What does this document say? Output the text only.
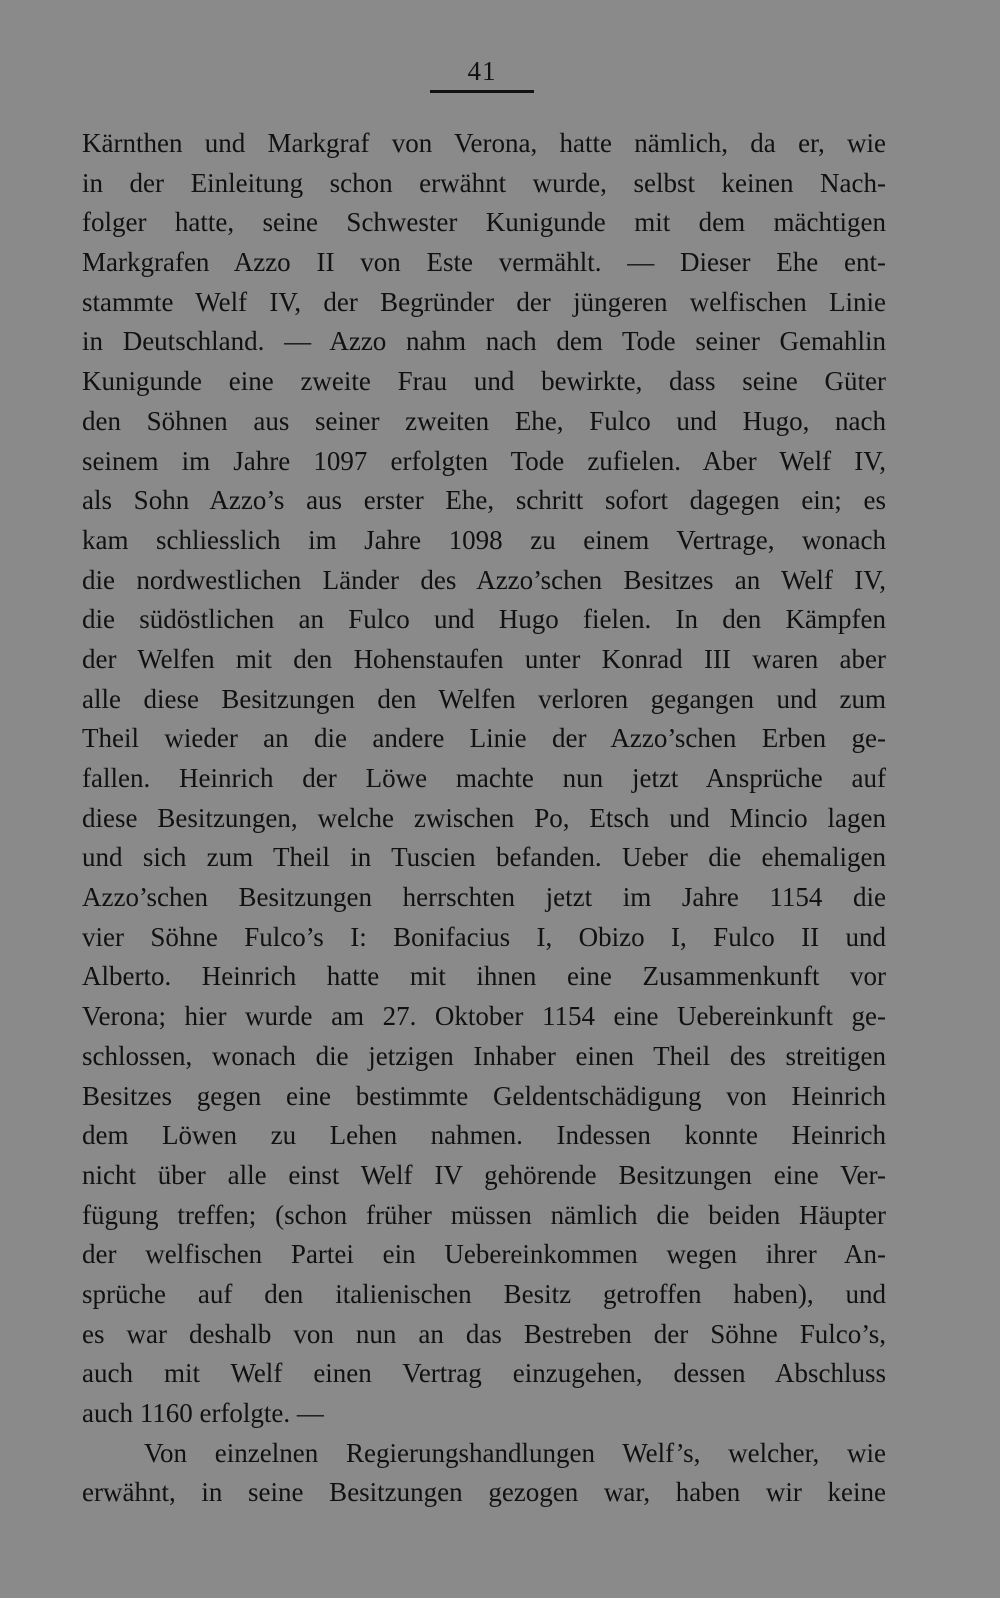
41
Kärnthen und Markgraf von Verona, hatte nämlich, da er, wie
in der Einleitung schon erwähnt wurde, selbst keinen Nach-
folger hatte, seine Schwester Kunigunde mit dem mächtigen
Markgrafen Azzo II von Este vermählt. — Dieser Ehe ent-
stammte Welf IV, der Begründer der jüngeren welfischen Linie
in Deutschland. — Azzo nahm nach dem Tode seiner Gemahlin
Kunigunde eine zweite Frau und bewirkte, dass seine Güter
den Söhnen aus seiner zweiten Ehe, Fulco und Hugo, nach
seinem im Jahre 1097 erfolgten Tode zufielen. Aber Welf IV,
als Sohn Azzo’s aus erster Ehe, schritt sofort dagegen ein; es
kam schliesslich im Jahre 1098 zu einem Vertrage, wonach
die nordwestlichen Länder des Azzo’schen Besitzes an Welf IV,
die südöstlichen an Fulco und Hugo fielen. In den Kämpfen
der Welfen mit den Hohenstaufen unter Konrad III waren aber
alle diese Besitzungen den Welfen verloren gegangen und zum
Theil wieder an die andere Linie der Azzo’schen Erben ge-
fallen. Heinrich der Löwe machte nun jetzt Ansprüche auf
diese Besitzungen, welche zwischen Po, Etsch und Mincio lagen
und sich zum Theil in Tuscien befanden. Ueber die ehemaligen
Azzo’schen Besitzungen herrschten jetzt im Jahre 1154 die
vier Söhne Fulco’s I: Bonifacius I, Obizo I, Fulco II und
Alberto. Heinrich hatte mit ihnen eine Zusammenkunft vor
Verona; hier wurde am 27. Oktober 1154 eine Uebereinkunft ge-
schlossen, wonach die jetzigen Inhaber einen Theil des streitigen
Besitzes gegen eine bestimmte Geldentschädigung von Heinrich
dem Löwen zu Lehen nahmen. Indessen konnte Heinrich
nicht über alle einst Welf IV gehörende Besitzungen eine Ver-
fügung treffen; (schon früher müssen nämlich die beiden Häupter
der welfischen Partei ein Uebereinkommen wegen ihrer An-
sprüche auf den italienischen Besitz getroffen haben), und
es war deshalb von nun an das Bestreben der Söhne Fulco’s,
auch mit Welf einen Vertrag einzugehen, dessen Abschluss
auch 1160 erfolgte. —
Von einzelnen Regierungshandlungen Welf’s, welcher, wie
erwähnt, in seine Besitzungen gezogen war, haben wir keine
